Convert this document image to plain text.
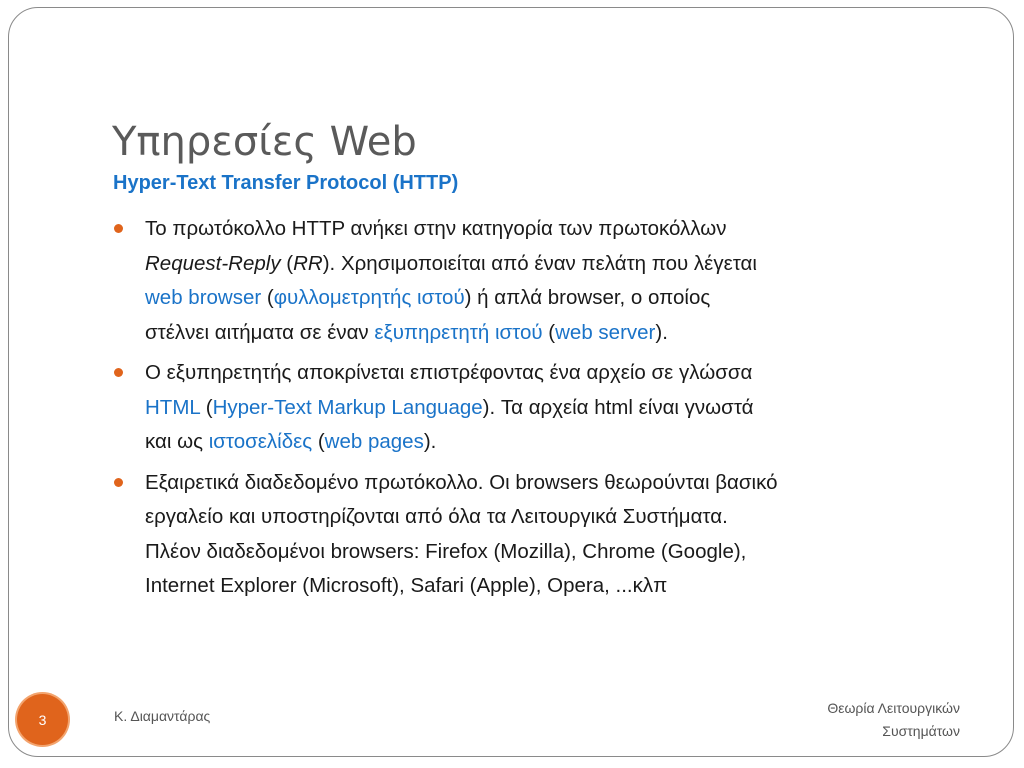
Υπηρεσίες Web
Hyper-Text Transfer Protocol (HTTP)
Το πρωτόκολλο HTTP ανήκει στην κατηγορία των πρωτοκόλλων
Request-Reply (RR). Χρησιμοποιείται από έναν πελάτη που λέγεται
web browser (φυλλομετρητής ιστού) ή απλά browser, ο οποίος
στέλνει αιτήματα σε έναν εξυπηρετητή ιστού (web server).
Ο εξυπηρετητής αποκρίνεται επιστρέφοντας ένα αρχείο σε γλώσσα
HTML (Hyper-Text Markup Language). Τα αρχεία html είναι γνωστά
και ως ιστοσελίδες (web pages).
Εξαιρετικά διαδεδομένο πρωτόκολλο. Οι browsers θεωρούνται βασικό
εργαλείο και υποστηρίζονται από όλα τα Λειτουργικά Συστήματα.
Πλέον διαδεδομένοι browsers: Firefox (Mozilla), Chrome (Google),
Internet Explorer (Microsoft), Safari (Apple), Opera, ...κλπ
3	Κ. Διαμαντάρας	Θεωρία Λειτουργικών
Συστημάτων
